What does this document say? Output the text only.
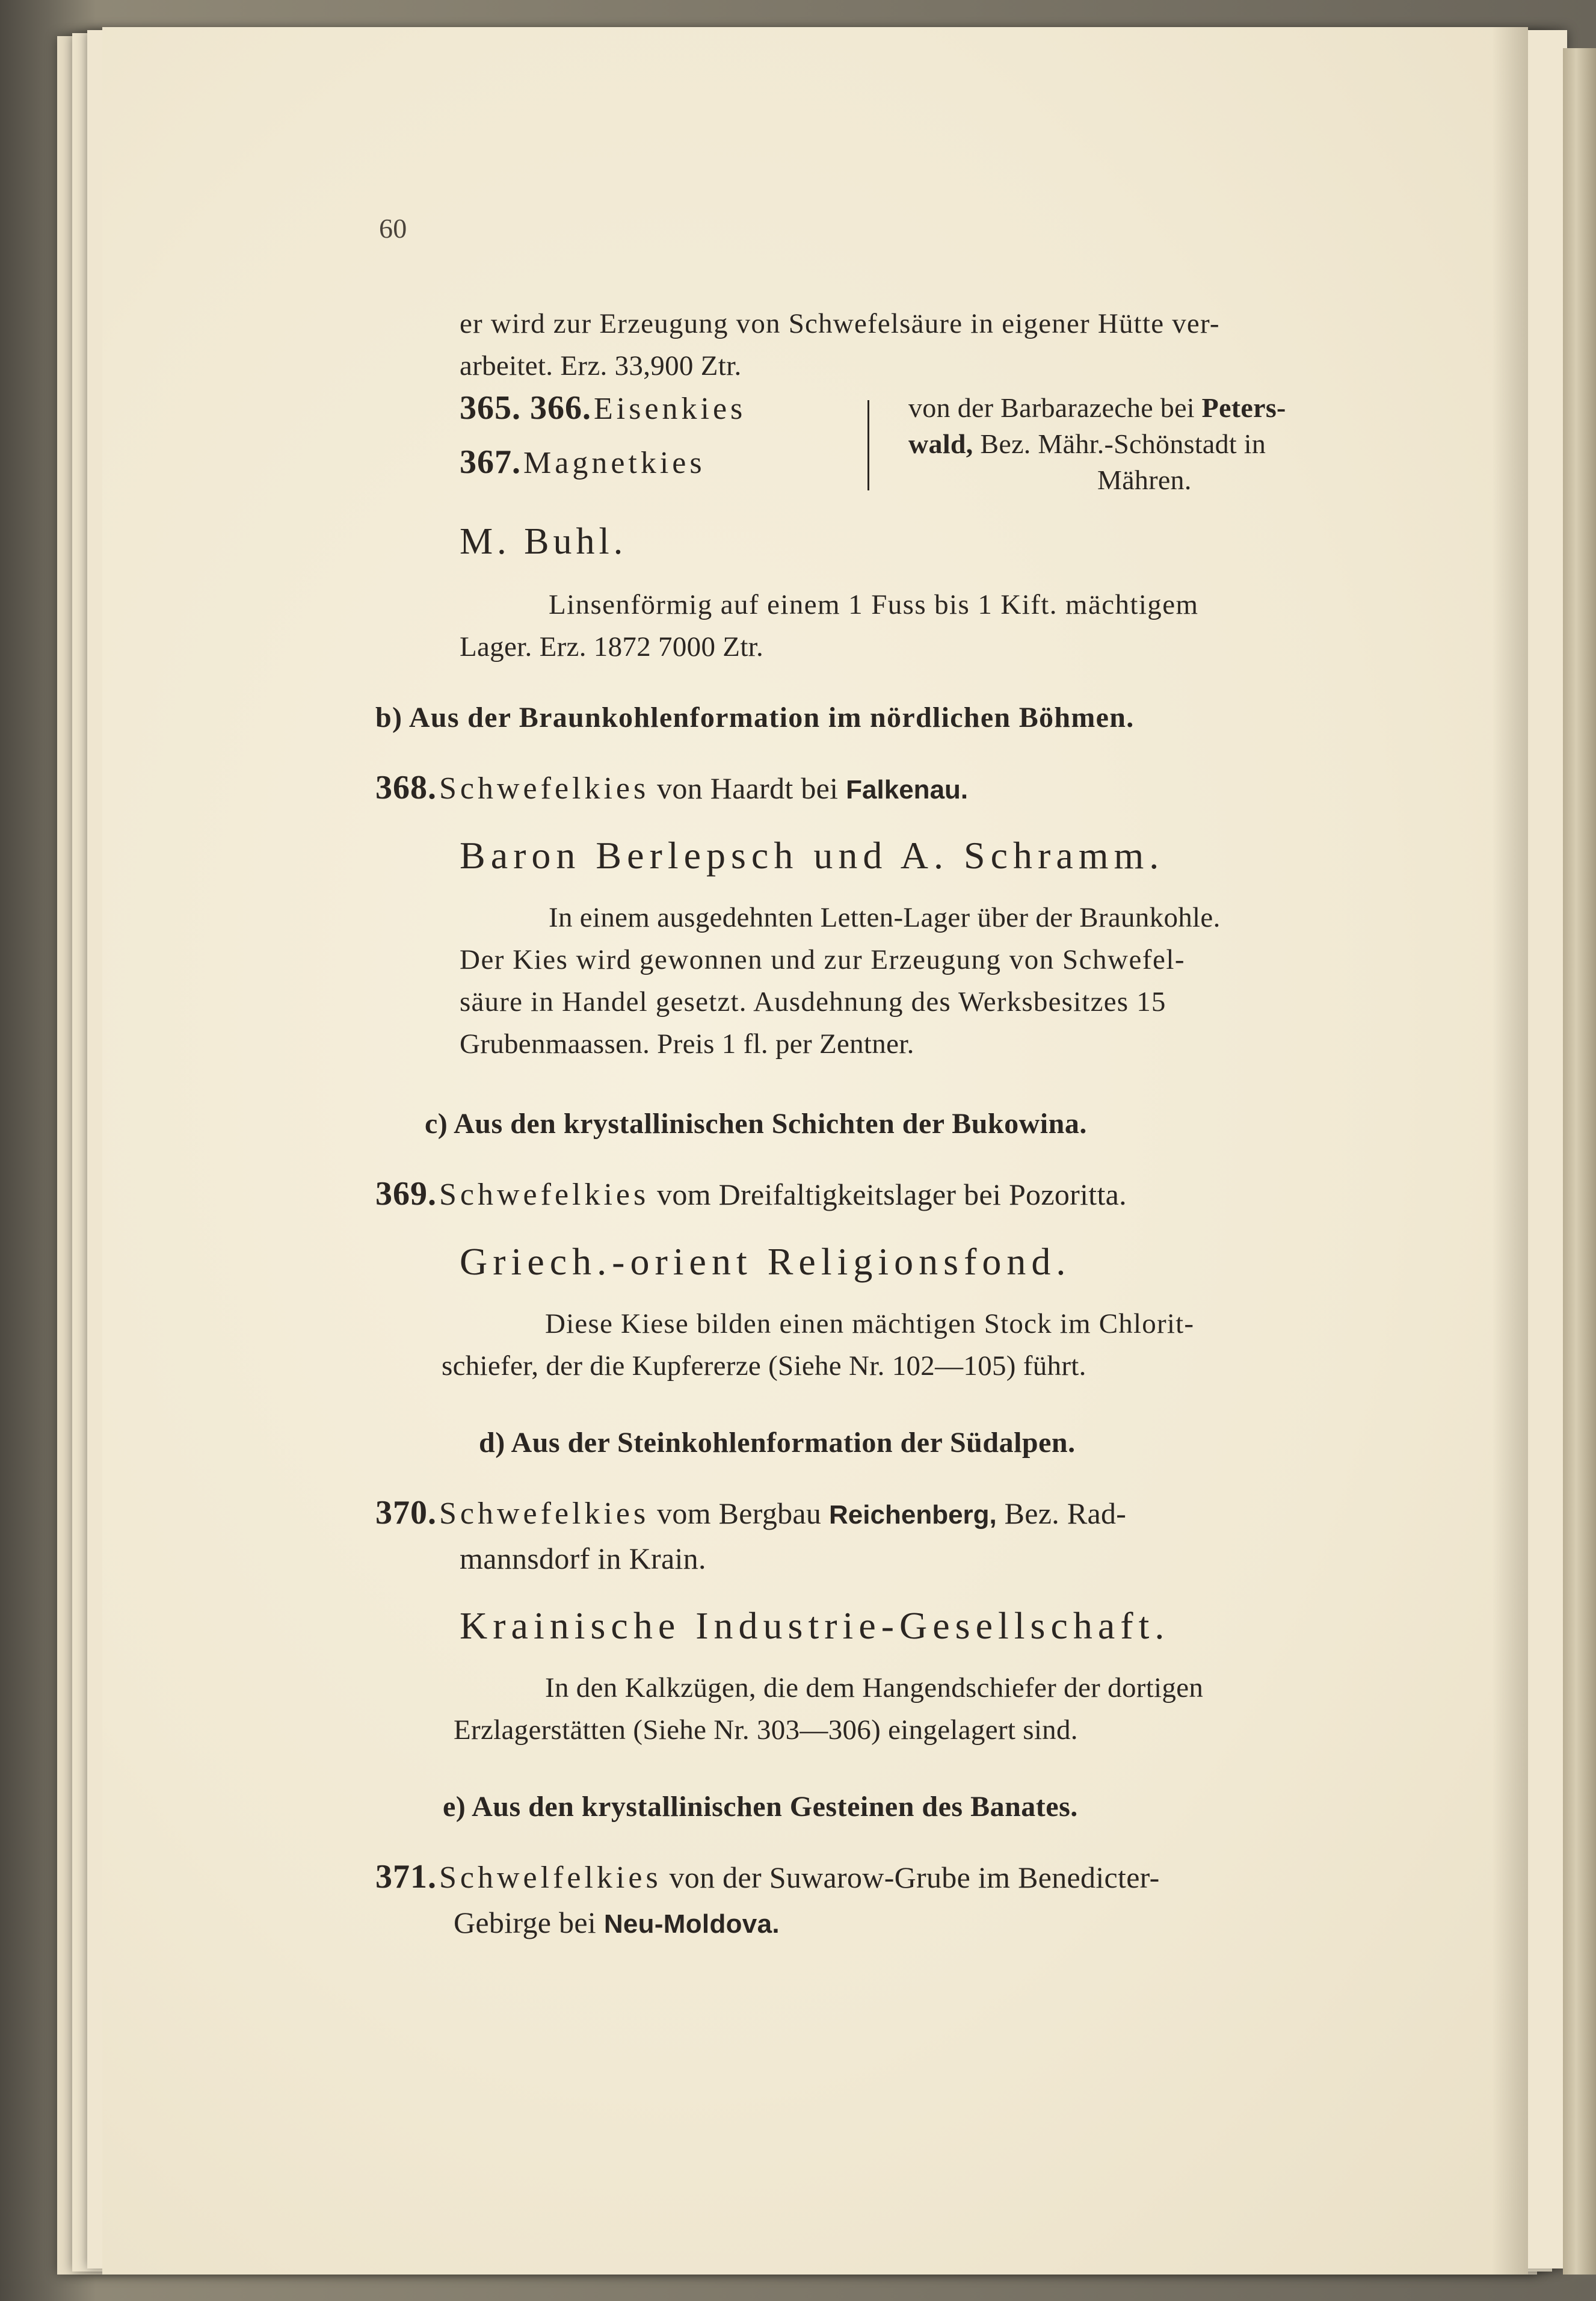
60
er wird zur Erzeugung von Schwefelsäure in eigener Hütte ver-
arbeitet. Erz. 33,900 Ztr.
365. 366. Eisenkies
367. Magnetkies
von der Barbarazeche bei Peters-
wald, Bez. Mähr.-Schönstadt in
Mähren.
M. Buhl.
Linsenförmig auf einem 1 Fuss bis 1 Kift. mächtigem
Lager. Erz. 1872 7000 Ztr.
b) Aus der Braunkohlenformation im nördlichen Böhmen.
368. Schwefelkies von Haardt bei Falkenau.
Baron Berlepsch und A. Schramm.
In einem ausgedehnten Letten-Lager über der Braunkohle.
Der Kies wird gewonnen und zur Erzeugung von Schwefel-
säure in Handel gesetzt. Ausdehnung des Werksbesitzes 15
Grubenmaassen. Preis 1 fl. per Zentner.
c) Aus den krystallinischen Schichten der Bukowina.
369. Schwefelkies vom Dreifaltigkeitslager bei Pozoritta.
Griech.-orient Religionsfond.
Diese Kiese bilden einen mächtigen Stock im Chlorit-
schiefer, der die Kupfererze (Siehe Nr. 102—105) führt.
d) Aus der Steinkohlenformation der Südalpen.
370. Schwefelkies vom Bergbau Reichenberg, Bez. Rad-
mannsdorf in Krain.
Krainische Industrie-Gesellschaft.
In den Kalkzügen, die dem Hangendschiefer der dortigen
Erzlagerstätten (Siehe Nr. 303—306) eingelagert sind.
e) Aus den krystallinischen Gesteinen des Banates.
371. Schwelfelkies von der Suwarow-Grube im Benedicter-
Gebirge bei Neu-Moldova.
